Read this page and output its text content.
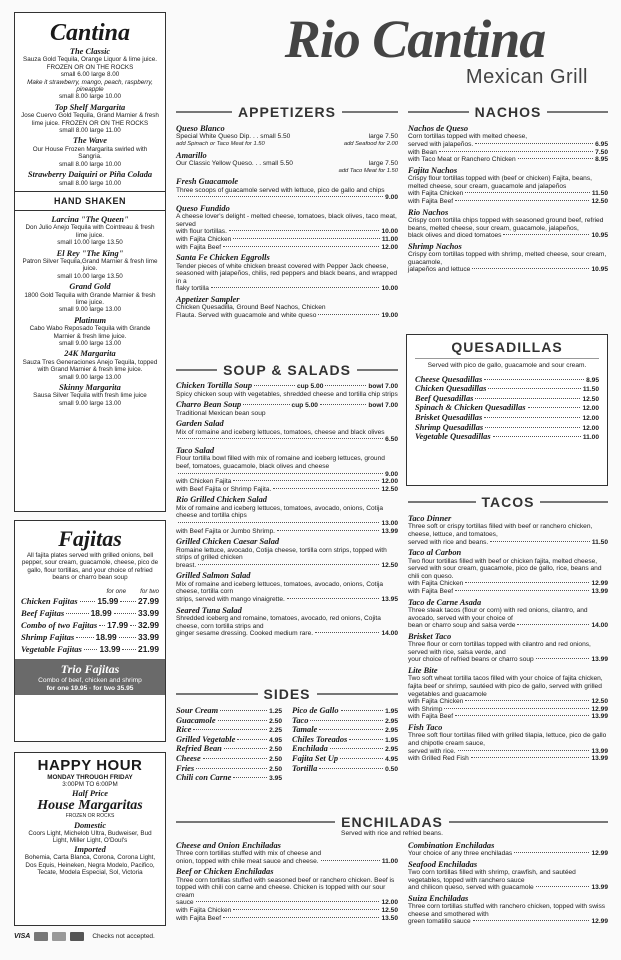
Cantina
The Classic
Sauza Gold Tequila, Orange Liquor & lime juice. FROZEN OR ON THE ROCKS
small 6.00 large 8.00
Make it strawberry, mango, peach, raspberry, pineapple
small 8.00 large 10.00
Top Shelf Margarita
Jose Cuervo Gold Tequila, Grand Marnier & fresh lime juice. FROZEN OR ON THE ROCKS
small 8.00 large 11.00
The Wave
Our House Frozen Margarita swirled with Sangria.
small 8.00 large 10.00
Strawberry Daiquiri or Piña Colada
small 8.00 large 10.00
HAND SHAKEN
Larcina "The Queen"
Don Julio Anejo Tequila with Cointreau & fresh lime juice.
small 10.00 large 13.50
El Rey "The King"
Patron Silver Tequila,Grand Marnier & fresh lime juice.
small 10.00 large 13.50
Grand Gold
1800 Gold Tequila with Grande Marnier & fresh lime juice.
small 9.00 large 13.00
Platinum
Cabo Wabo Reposado Tequila with Grande Marnier & fresh lime juice.
small 9.00 large 13.00
24K Margarita
Sauza Tres Generaciones Anejo Tequila, topped with Grand Marnier & fresh lime juice.
small 9.00 large 13.00
Skinny Margarita
Sausa Silver Tequila with fresh lime juice
small 9.00 large 13.00
Fajitas
All fajita plates served with grilled onions, bell pepper, sour cream, guacamole, cheese, pico de gallo, flour tortillas, and your choice of refried beans or charro bean soup
for one for two
Chicken Fajitas 15.99 27.99
Beef Fajitas	18.99	33.99
Combo of two Fajitas 17.99 32.99
Shrimp Fajitas	18.99	33.99
Vegetable Fajitas 13.99 21.99
Trio Fajitas
Combo of beef, chicken and shrimp
for one 19.95 · for two 35.95
HAPPY HOUR
MONDAY THROUGH FRIDAY
3:00PM TO 6:00PM
Half Price
House Margaritas
FROZEN OR ROCKS
Domestic
Coors Light, Michelob Ultra, Budweiser, Bud Light, Miller Light, O'Doul's
Imported
Bohemia, Carta Blanca, Corona, Corona Light, Dos Equis, Heineken, Negra Modelo, Pacifico, Tecate, Modela Especial, Sol, Victoria
VISA	Checks not accepted.
Rio Cantina
Mexican Grill
APPETIZERS
Queso Blanco
Special White Queso Dip. . . small 5.50	large 7.50
add Spinach or Taco Meat for 1.50	add Seafood for 2.00
Amarillo
Our Classic Yellow Queso. . . small 5.50	large 7.50
add Taco Meat for 1.50
Fresh Guacamole
Three scoops of guacamole served with lettuce, pico de gallo and chips
9.00
Queso Fundido
A cheese lover's delight - melted cheese, tomatoes, black olives, taco meat, served
with flour tortillas.	10.00
with Fajita Chicken	11.00
with Fajita Beef	12.00
Santa Fe Chicken Eggrolls
Tender pieces of white chicken breast covered with Pepper Jack cheese, seasoned with jalapeños, chilis, red peppers and black beans, and wrapped in a
flaky tortilla	10.00
Appetizer Sampler
Chicken Quesadilla, Ground Beef Nachos, Chicken
Flauta. Served with guacamole and white queso	19.00
SOUP & SALADS
Chicken Tortilla Soup	cup 5.00	bowl 7.00
Spicy chicken soup with vegetables, shredded cheese and tortilla chip strips
Charro Bean Soup	cup 5.00	bowl 7.00
Traditional Mexican bean soup
Garden Salad
Mix of romaine and iceberg lettuces, tomatoes, cheese and black olives
6.50
Taco Salad
Flour tortilla bowl filled with mix of romaine and iceberg lettuces, ground beef, tomatoes, guacamole, black olives and cheese
9.00
with Chicken Fajita	12.00
with Beef Fajita or Shrimp Fajita.	12.50
Rio Grilled Chicken Salad
Mix of romaine and iceberg lettuces, tomatoes, avocado, onions, Cotija cheese and tortilla chips
13.00
with Beef Fajita or Jumbo Shrimp.	13.99
Grilled Chicken Caesar Salad
Romaine lettuce, avocado, Cotija cheese, tortilla corn strips, topped with strips of grilled chicken
breast.	12.50
Grilled Salmon Salad
Mix of romaine and iceberg lettuces, tomatoes, avocado, onions, Cotija cheese, tortilla corn
strips, served with mango vinaigrette.	13.95
Seared Tuna Salad
Shredded iceberg and romaine, tomatoes, avocado, red onions, Cojita cheese, corn tortilla strips and
ginger sesame dressing. Cooked medium rare.	14.00
SIDES
Sour Cream	1.25
Guacamole	2.50
Rice	2.25
Grilled Vegetable	4.95
Refried Bean	2.50
Cheese	2.50
Fries	2.50
Chili con Carne	3.95
Pico de Gallo	1.95
Taco	2.95
Tamale	2.95
Chiles Toreados	1.95
Enchilada	2.95
Fajita Set Up	4.95
Tortilla	0.50
NACHOS
Nachos de Queso
Corn tortillas topped with melted cheese,
served with jalapeños.	6.95
with Bean	7.50
with Taco Meat or Ranchero Chicken	8.95
Fajita Nachos
Crispy flour tortillas topped with (beef or chicken) Fajita, beans, melted cheese, sour cream, guacamole and jalapeños
with Fajita Chicken	11.50
with Fajita Beef	12.50
Rio Nachos
Crispy corn tortilla chips topped with seasoned ground beef, refried beans, melted cheese, sour cream, guacamole, jalapeños,
black olives and diced tomatoes	10.95
Shrimp Nachos
Crispy corn tortillas topped with shrimp, melted cheese, sour cream, guacamole,
jalapeños and lettuce	10.95
QUESADILLAS
Served with pico de gallo, guacamole and sour cream.
Cheese Quesadillas	8.95
Chicken Quesadillas	11.50
Beef Quesadillas	12.50
Spinach & Chicken Quesadillas	12.00
Brisket Quesadillas	12.00
Shrimp Quesadillas	12.00
Vegetable Quesadillas	11.00
TACOS
Taco Dinner
Three soft or crispy tortillas filled with beef or ranchero chicken, cheese, lettuce, and tomatoes,
served with rice and beans.	11.50
Taco al Carbon
Two flour tortillas filled with beef or chicken fajita, melted cheese, served with sour cream, guacamole, pico de gallo, rice, beans and chili con queso.
with Fajita Chicken	12.99
with Fajita Beef	13.99
Taco de Carne Asada
Three steak tacos (flour or corn) with red onions, cilantro, and avocado, served with your choice of
bean or charro soup and salsa verde	14.00
Brisket Taco
Three flour or corn tortillas topped with cilantro and red onions, served with rice, salsa verde, and
your choice of refried beans or charro soup	13.99
Lite Bite
Two soft wheat tortilla tacos filled with your choice of fajita chicken, fajita beef or shrimp, sautéed with pico de gallo, served with grilled vegetables and guacamole
with Fajita Chicken	12.50
with Shrimp	12.99
with Fajita Beef	13.99
Fish Taco
Three soft flour tortillas filled with grilled tilapia, lettuce, pico de gallo and chipotle cream sauce,
served with rice.	13.99
with Grilled Red Fish	13.99
ENCHILADAS
Served with rice and refried beans.
Cheese and Onion Enchiladas
Three corn tortillas stuffed with mix of cheese and
onion, topped with chile meat sauce and cheese.	11.00
Beef or Chicken Enchiladas
Three corn tortillas stuffed with seasoned beef or ranchero chicken. Beef is topped with chili con carne and cheese. Chicken is topped with our sour cream
sauce	12.00
with Fajita Chicken	12.50
with Fajita Beef	13.50
Combination Enchiladas
Your choice of any three enchiladas	12.99
Seafood Enchiladas
Two corn tortillas filled with shrimp, crawfish, and sautéed vegetables, topped with ranchero sauce
and chilicon queso, served with guacamole	13.99
Suiza Enchiladas
Three corn tortillas stuffed with ranchero chicken, topped with swiss cheese and smothered with
green tomatillo sauce	12.99
